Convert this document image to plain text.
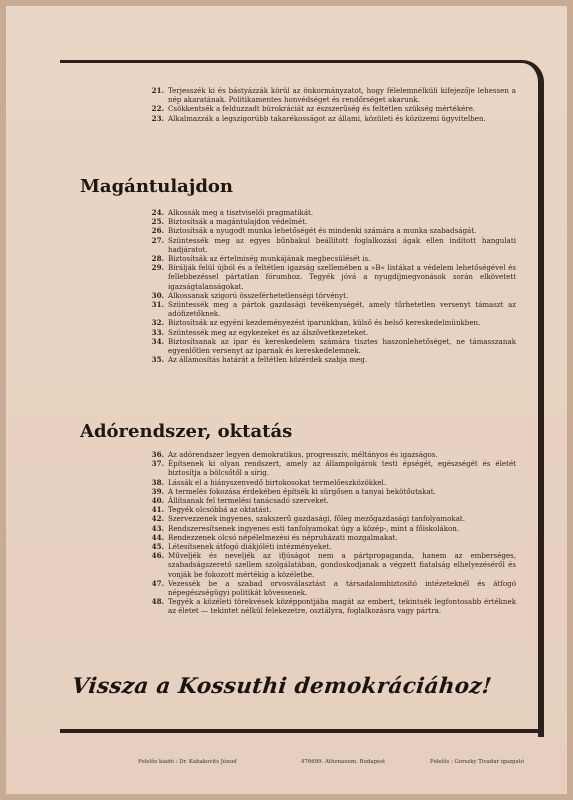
21. Terjesszék ki és bástyázzák körül az önkormányzatot, hogy félelemnélküli kifejezője lehessen a nép akaratának. Politikamentes honvédséget és rendőrséget akarunk.
22. Csökkentsék a felduzzadt bürokráciát az észszerűség és feltétlen szükség mértékére.
23. Alkalmazzák a legszigorúbb takarékosságot az állami, közületi és közüzemi ügyvitelben.
Magántulajdon
24. Alkossák meg a tisztviselői pragmatikát.
25. Biztosítsák a magántulajdon védelmét.
26. Biztosítsák a nyugodt munka lehetőségét és mindenki számára a munka szabadságát.
27. Szüntessék meg az egyes bűnbakul beállított foglalkozási ágak ellen indított hangulati hadjáratot.
28. Biztosítsák az értelmiség munkájának megbecsülését is.
29. Bírálják felül újból és a feltétlen igazság szellemében a »B« listákat a védelem lehetőségével és fellebbezéssel pártatlan fórumhoz. Tegyék jóvá a nyugdíjmegvonások során elkövetett igazságtalanságokat.
30. Alkossanak szigorú összeférhetetlenségi törvényt.
31. Szüntessék meg a pártok gazdasági tevékenységét, amely tűrhetetlen versenyt támaszt az adófizetőknek.
32. Biztosítsák az egyéni kezdeményezést iparunkban, külső és belső kereskedelmünkben.
33. Szüntessék meg az egykezeket és az álszövetkezeteket.
34. Biztosítsanak az ipar és kereskedelem számára tisztes haszonlehetőséget, ne támasszanak egyenlőtlen versenyt az iparnak és kereskedelemnek.
35. Az államosítás határát a feltétlen közérdek szabja meg.
Adórendszer, oktatás
36. Az adórendszer legyen demokratikus, progresszív, méltányos és igazságos.
37. Építsenek ki olyan rendszert, amely az állampolgárok testi épségét, egészségét és életét biztosítja a bölcsőtől a sírig.
38. Lássák el a hiányszenvedő birtokosokat termelőeszközökkel.
39. A termelés fokozása érdekében építsék ki sürgősen a tanyai bekötőutakat.
40. Állítsanak fel termelési tanácsadó szerveket.
41. Tegyék olcsóbbá az oktatást.
42. Szervezzenek ingyenes, szakszerű gazdasági, főleg mezőgazdasági tanfolyamokat.
43. Rendszeresítsenek ingyenes esti tanfolyamokat úgy a közép-, mint a főiskolákon.
44. Rendezzenek olcsó népélelmezési és népruházati mozgalmakat.
45. Létesítsenek átfogó diákjóléti intézményeket.
46. Műveljék és neveljék az ifjúságot nem a pártpropaganda, hanem az emberséges, szabadságszerető szellem szolgálatában, gondoskodjanak a végzett fiatalság elhelyezéséről és vonják be fokozott mértékig a közéletbe.
47. Vezessék be a szabad orvosválasztást a társadalombiztosító intézeteknél és átfogó népegészségügyi politikát kövessenek.
48. Tegyék a közéleti törekvések középpontjába magát az embert, tekintsék legfontosabb értéknek az életet — tekintet nélkül felekezetre, osztályra, foglalkozásra vagy pártra.
Vissza a Kossuthi demokráciához!
Felelős kiadó : Dr. Kabakovits József	476699. Athenaeum. Budapest	Felelős : Gorszky Tivadar igazgató
